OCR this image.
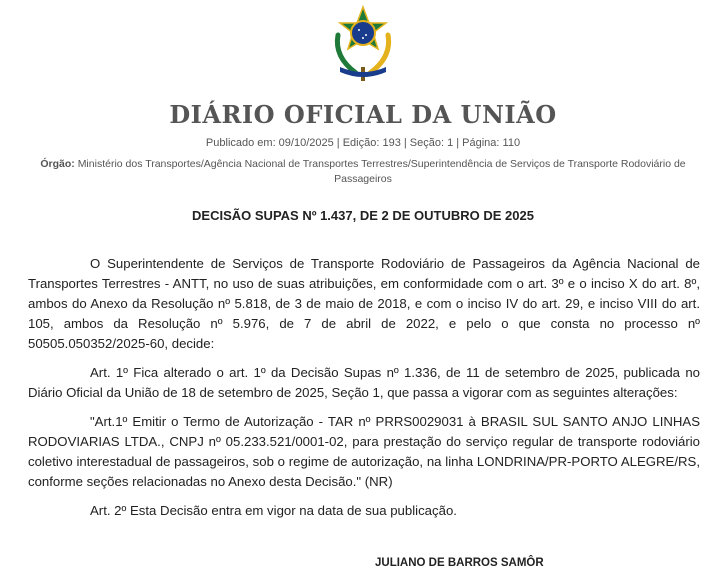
DIÁRIO OFICIAL DA UNIÃO
Publicado em: 09/10/2025 | Edição: 193 | Seção: 1 | Página: 110
Órgão: Ministério dos Transportes/Agência Nacional de Transportes Terrestres/Superintendência de Serviços de Transporte Rodoviário de Passageiros
DECISÃO SUPAS Nº 1.437, DE 2 DE OUTUBRO DE 2025

O Superintendente de Serviços de Transporte Rodoviário de Passageiros da Agência Nacional de Transportes Terrestres - ANTT, no uso de suas atribuições, em conformidade com o art. 3º e o inciso X do art. 8º, ambos do Anexo da Resolução nº 5.818, de 3 de maio de 2018, e com o inciso IV do art. 29, e inciso VIII do art. 105, ambos da Resolução nº 5.976, de 7 de abril de 2022, e pelo o que consta no processo nº 50505.050352/2025-60, decide:

Art. 1º Fica alterado o art. 1º da Decisão Supas nº 1.336, de 11 de setembro de 2025, publicada no Diário Oficial da União de 18 de setembro de 2025, Seção 1, que passa a vigorar com as seguintes alterações:

"Art.1º Emitir o Termo de Autorização - TAR nº PRRS0029031 à BRASIL SUL SANTO ANJO LINHAS RODOVIARIAS LTDA., CNPJ nº 05.233.521/0001-02, para prestação do serviço regular de transporte rodoviário coletivo interestadual de passageiros, sob o regime de autorização, na linha LONDRINA/PR-PORTO ALEGRE/RS, conforme seções relacionadas no Anexo desta Decisão." (NR)

Art. 2º Esta Decisão entra em vigor na data de sua publicação.

JULIANO DE BARROS SAMÔR
